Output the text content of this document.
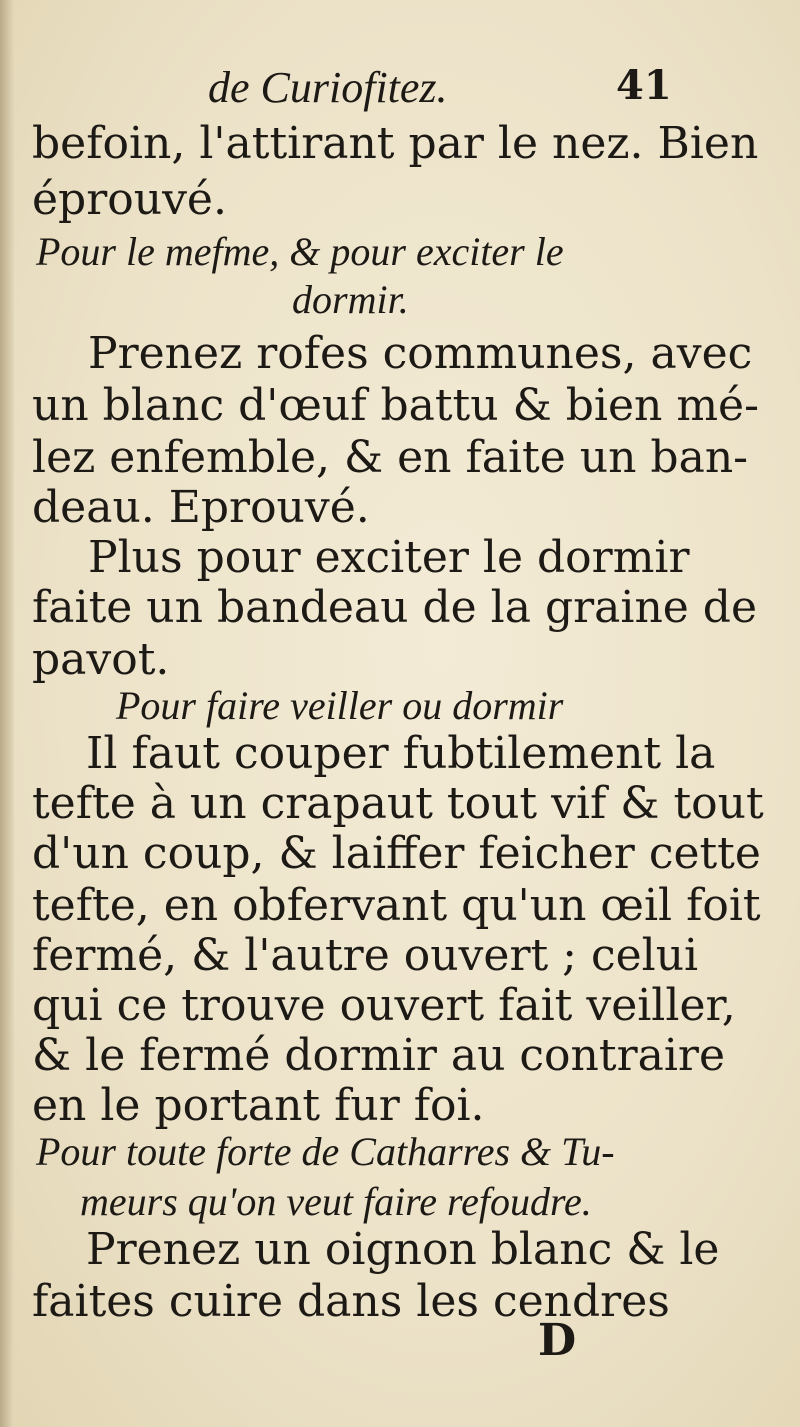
de Curiofitez.	41
befoin, l'attirant par le nez. Bien
éprouvé.
Pour le mefme, & pour exciter le
dormir.
Prenez rofes communes, avec
un blanc d'œuf battu & bien mé-
lez enfemble, & en faite un ban-
deau. Eprouvé.
Plus pour exciter le dormir
faite un bandeau de la graine de
pavot.
Pour faire veiller ou dormir
Il faut couper fubtilement la
tefte à un crapaut tout vif & tout
d'un coup, & laiffer feicher cette
tefte, en obfervant qu'un œil foit
fermé, & l'autre ouvert ; celui
qui ce trouve ouvert fait veiller,
& le fermé dormir au contraire
en le portant fur foi.
Pour toute forte de Catharres & Tu-
meurs qu'on veut faire refoudre.
Prenez un oignon blanc & le
faites cuire dans les cendres
D
